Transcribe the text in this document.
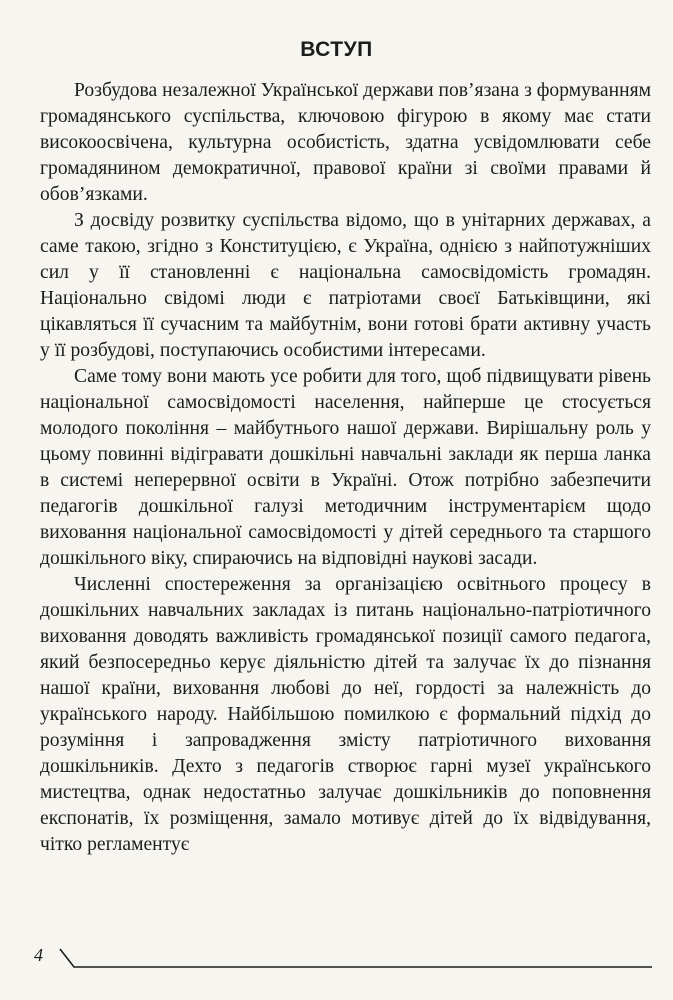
ВСТУП

Розбудова незалежної Української держави пов’язана з формуванням громадянського суспільства, ключовою фігурою в якому має стати високоосвічена, культурна особистість, здатна усвідомлювати себе громадянином демократичної, правової країни зі своїми правами й обов’язками.

З досвіду розвитку суспільства відомо, що в унітарних державах, а саме такою, згідно з Конституцією, є Україна, однією з найпотужніших сил у її становленні є національна самосвідомість громадян. Національно свідомі люди є патріотами своєї Батьківщини, які цікавляться її сучасним та майбутнім, вони готові брати активну участь у її розбудові, поступаючись особистими інтересами.

Саме тому вони мають усе робити для того, щоб підвищувати рівень національної самосвідомості населення, найперше це стосується молодого покоління – майбутнього нашої держави. Вирішальну роль у цьому повинні відігравати дошкільні навчальні заклади як перша ланка в системі неперервної освіти в Україні. Отож потрібно забезпечити педагогів дошкільної галузі методичним інструментарієм щодо виховання національної самосвідомості у дітей середнього та старшого дошкільного віку, спираючись на відповідні наукові засади.

Численні спостереження за організацією освітнього процесу в дошкільних навчальних закладах із питань національно-патріотичного виховання доводять важливість громадянської позиції самого педагога, який безпосередньо керує діяльністю дітей та залучає їх до пізнання нашої країни, виховання любові до неї, гордості за належність до українського народу. Найбільшою помилкою є формальний підхід до розуміння і запровадження змісту патріотичного виховання дошкільників. Дехто з педагогів створює гарні музеї українського мистецтва, однак недостатньо залучає дошкільників до поповнення експонатів, їх розміщення, замало мотивує дітей до їх відвідування, чітко регламентує

4
